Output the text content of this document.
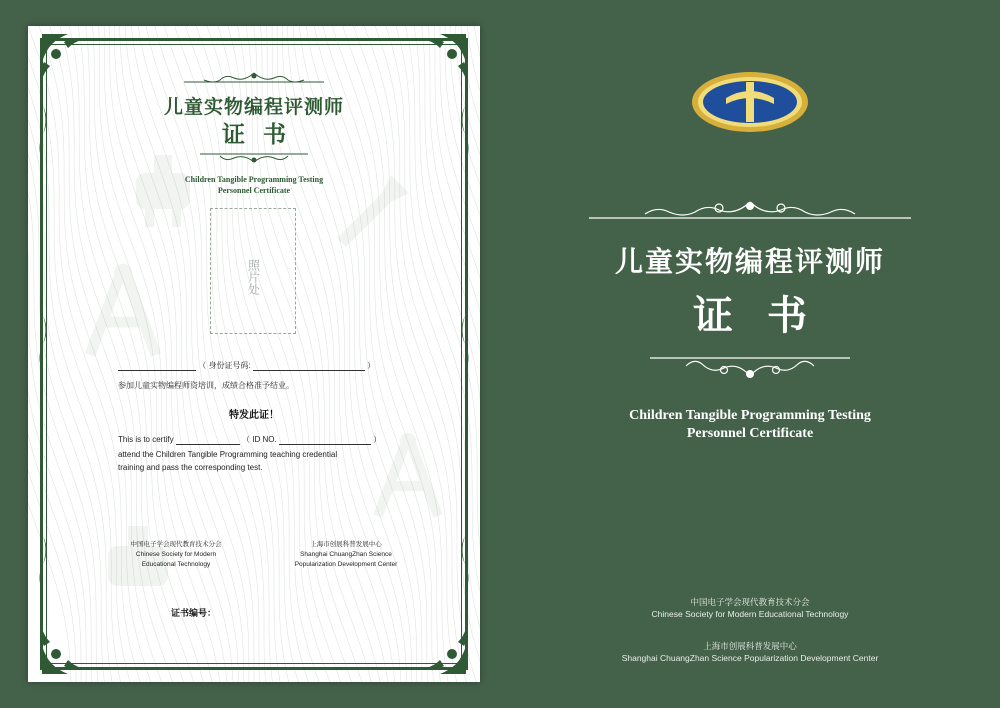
儿童实物编程评测师
证书
Children Tangible Programming Testing
Personnel Certificate
照片处
（ 身份证号码:	）
参加儿童实物编程师资培训，成绩合格准予结业。
特发此证！
This is to certify	（ ID NO.	）
attend the Children Tangible Programming teaching credential
training and pass the corresponding test.
中国电子学会现代教育技术分会
Chinese Society for Modern
Educational Technology
上海市创展科普发展中心
Shanghai ChuangZhan Science
Popularization Development Center
证书编号：
儿童实物编程评测师
证书
Children Tangible Programming Testing
Personnel Certificate
中国电子学会现代教育技术分会
Chinese Society for Modern Educational Technology
上海市创展科普发展中心
Shanghai ChuangZhan Science Popularization Development Center
